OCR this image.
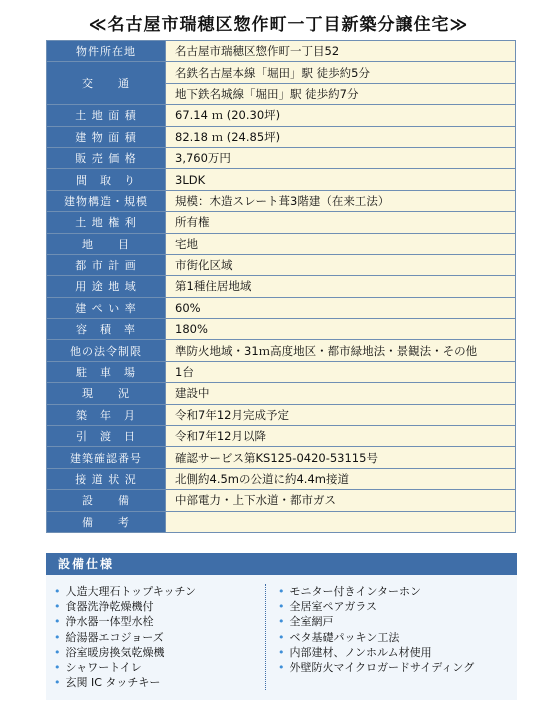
≪名古屋市瑞穂区惣作町一丁目新築分譲住宅≫
物件所在地	名古屋市瑞穂区惣作町一丁目52
交　　通	名鉄名古屋本線「堀田」駅 徒歩約5分
	地下鉄名城線「堀田」駅 徒歩約7分
土 地 面 積	67.14 ｍ (20.30坪)
建 物 面 積	82.18 ｍ (24.85坪)
販 売 価 格	3,760万円
間　取　り	3LDK
建物構造・規模	規模：木造スレート葺3階建（在来工法）
土 地 権 利	所有権
地　　目	宅地
都 市 計 画	市街化区域
用 途 地 域	第1種住居地域
建 ぺ い 率	60%
容　積　率	180%
他の法令制限	準防火地域・31ｍ高度地区・都市緑地法・景観法・その他
駐　車　場	1台
現　　況	建設中
築　年　月	令和7年12月完成予定
引　渡　日	令和7年12月以降
建築確認番号	確認サービス第KS125-0420-53115号
接 道 状 況	北側約4.5mの公道に約4.4m接道
設　　備	中部電力・上下水道・都市ガス
備　　考	
設備仕様
• 人造大理石トップキッチン
• 食器洗浄乾燥機付
• 浄水器一体型水栓
• 給湯器エコジョーズ
• 浴室暖房換気乾燥機
• シャワートイレ
• 玄関 IC タッチキー
• モニター付きインターホン
• 全居室ペアガラス
• 全室網戸
• ベタ基礎パッキン工法
• 内部建材、ノンホルム材使用
• 外壁防火マイクロガードサイディング
